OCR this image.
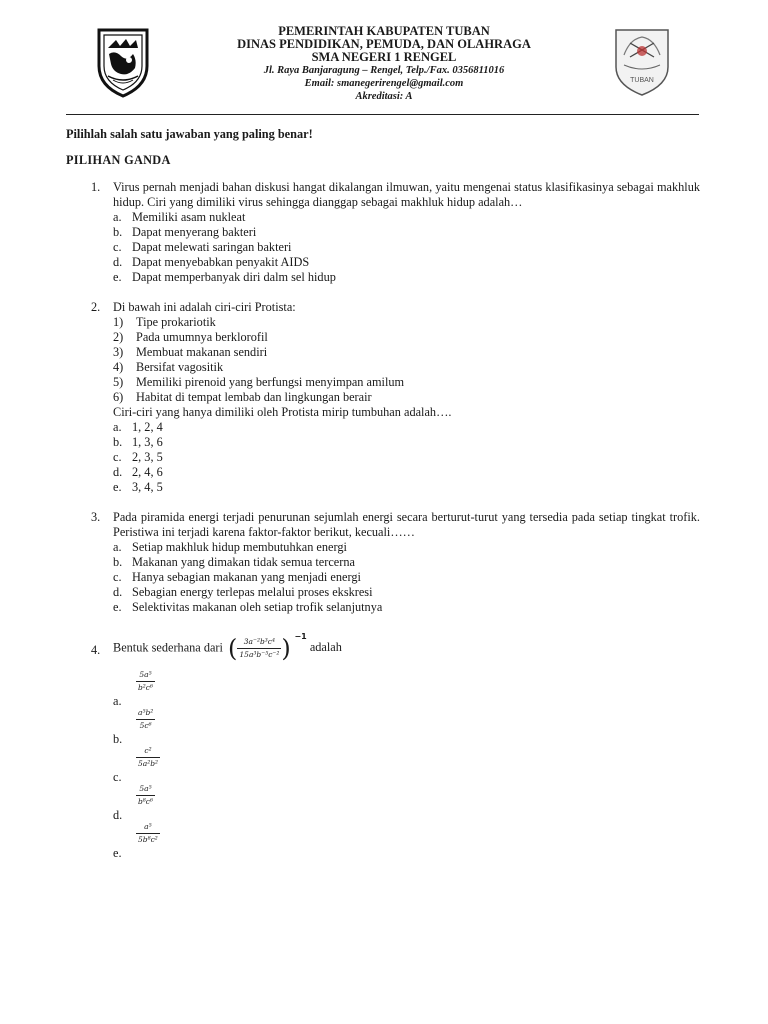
PEMERINTAH KABUPATEN TUBAN
DINAS PENDIDIKAN, PEMUDA, DAN OLAHRAGA
SMA NEGERI 1 RENGEL
Jl. Raya Banjaragung – Rengel, Telp./Fax. 0356811016
Email: smanegerirengel@gmail.com
Akreditasi: A
TUBAN
Pilihlah salah satu jawaban yang paling benar!
PILIHAN GANDA
1. Virus pernah menjadi bahan diskusi hangat dikalangan ilmuwan, yaitu mengenai status klasifikasinya sebagai makhluk hidup. Ciri yang dimiliki virus sehingga dianggap sebagai makhluk hidup adalah…
a. Memiliki asam nukleat
b. Dapat menyerang bakteri
c. Dapat melewati saringan bakteri
d. Dapat menyebabkan penyakit AIDS
e. Dapat memperbanyak diri dalm sel hidup
2. Di bawah ini adalah ciri-ciri Protista:
1) Tipe prokariotik
2) Pada umumnya berklorofil
3) Membuat makanan sendiri
4) Bersifat vagositik
5) Memiliki pirenoid yang berfungsi menyimpan amilum
6) Habitat di tempat lembab dan lingkungan berair
Ciri-ciri yang hanya dimiliki oleh Protista mirip tumbuhan adalah….
a. 1, 2, 4
b. 1, 3, 6
c. 2, 3, 5
d. 2, 4, 6
e. 3, 4, 5
3. Pada piramida energi terjadi penurunan sejumlah energi secara berturut-turut yang tersedia pada setiap tingkat trofik. Peristiwa ini terjadi karena faktor-faktor berikut, kecuali……
a. Setiap makhluk hidup membutuhkan energi
b. Makanan yang dimakan tidak semua tercerna
c. Hanya sebagian makanan yang menjadi energi
d. Sebagian energy terlepas melalui proses ekskresi
e. Selektivitas makanan oleh setiap trofik selanjutnya
4. Bentuk sederhana dari ( $\frac{\text{3a⁻²b³c⁴}}{\text{15a³b⁻⁵c⁻²}}$ ) −1
adalah
$\frac{\text{5a⁵}}{\text{b²c⁶}}$
a.
$\frac{\text{a⁵b²}}{\text{5c⁶}}$
b.
$\frac{\text{c²}}{\text{5a²b²}}$
c.
$\frac{\text{5a⁵}}{\text{b⁸c⁶}}$
d.
$\frac{\text{a⁵}}{\text{5b⁸c²}}$
e.
